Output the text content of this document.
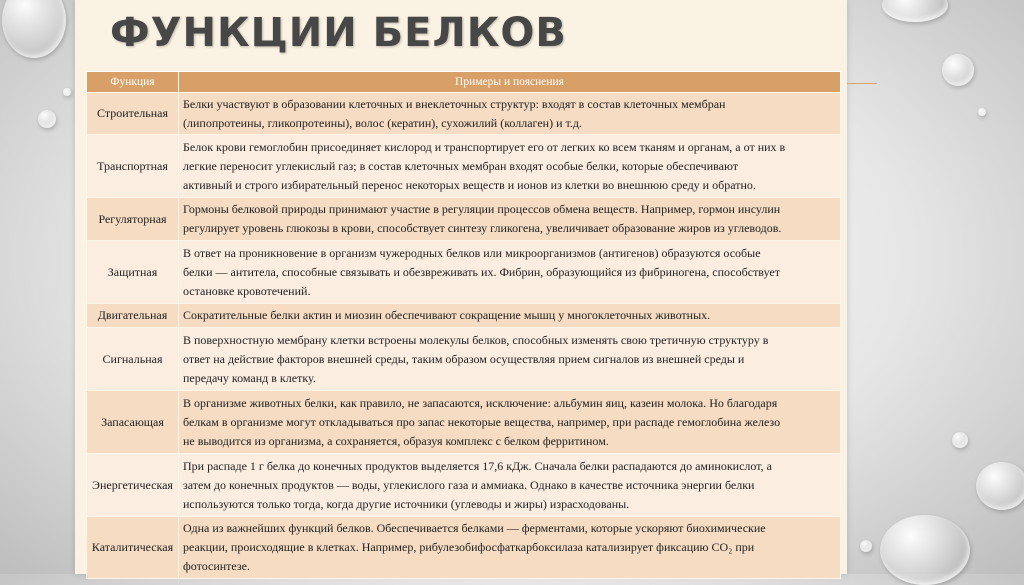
ФУНКЦИИ БЕЛКОВ
Функция	Примеры и пояснения
Строительная	Белки участвуют в образовании клеточных и внеклеточных структур: входят в состав клеточных мембран
(липопротеины, гликопротеины), волос (кератин), сухожилий (коллаген) и т.д.

Транспортная	Белок крови гемоглобин присоединяет кислород и транспортирует его от легких ко всем тканям и органам, а от них в
легкие переносит углекислый газ; в состав клеточных мембран входят особые белки, которые обеспечивают
активный и строго избирательный перенос некоторых веществ и ионов из клетки во внешнюю среду и обратно.

Регуляторная	Гормоны белковой природы принимают участие в регуляции процессов обмена веществ. Например, гормон инсулин
регулирует уровень глюкозы в крови, способствует синтезу гликогена, увеличивает образование жиров из углеводов.

Защитная	В ответ на проникновение в организм чужеродных белков или микроорганизмов (антигенов) образуются особые
белки — антитела, способные связывать и обезвреживать их. Фибрин, образующийся из фибриногена, способствует
остановке кровотечений.

Двигательная	Сократительные белки актин и миозин обеспечивают сокращение мышц у многоклеточных животных.

Сигнальная	В поверхностную мембрану клетки встроены молекулы белков, способных изменять свою третичную структуру в
ответ на действие факторов внешней среды, таким образом осуществляя прием сигналов из внешней среды и
передачу команд в клетку.

Запасающая	В организме животных белки, как правило, не запасаются, исключение: альбумин яиц, казеин молока. Но благодаря
белкам в организме могут откладываться про запас некоторые вещества, например, при распаде гемоглобина железо
не выводится из организма, а сохраняется, образуя комплекс с белком ферритином.

Энергетическая	При распаде 1 г белка до конечных продуктов выделяется 17,6 кДж. Сначала белки распадаются до аминокислот, а
затем до конечных продуктов — воды, углекислого газа и аммиака. Однако в качестве источника энергии белки
используются только тогда, когда другие источники (углеводы и жиры) израсходованы.

Каталитическая	Одна из важнейших функций белков. Обеспечивается белками — ферментами, которые ускоряют биохимические
реакции, происходящие в клетках. Например, рибулезобифосфаткарбоксилаза катализирует фиксацию CO₂ при
фотосинтезе.
